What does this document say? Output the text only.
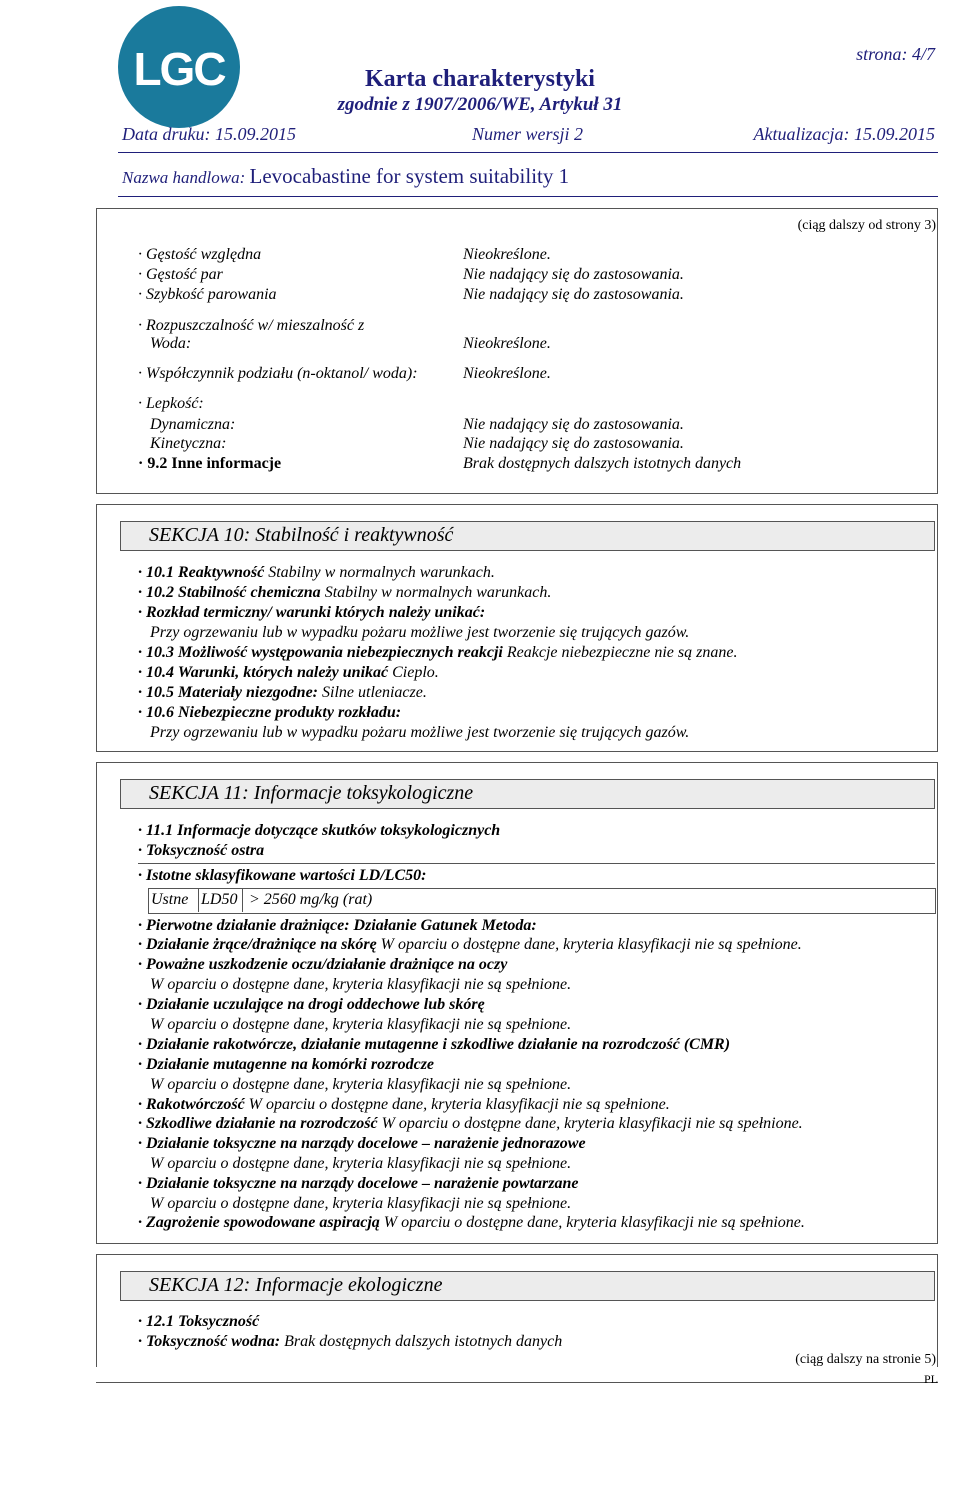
LGC	strona: 4/7
Karta charakterystyki
zgodnie z 1907/2006/WE, Artykuł 31
Data druku: 15.09.2015	Numer wersji 2	Aktualizacja: 15.09.2015
Nazwa handlowa: Levocabastine for system suitability 1
(ciąg dalszy od strony 3)
· Gęstość względna	Nieokreślone.
· Gęstość par	Nie nadający się do zastosowania.
· Szybkość parowania	Nie nadający się do zastosowania.
· Rozpuszczalność w/ mieszalność z
Woda:	Nieokreślone.
· Współczynnik podziału (n-oktanol/ woda):	Nieokreślone.
· Lepkość:
Dynamiczna:	Nie nadający się do zastosowania.
Kinetyczna:	Nie nadający się do zastosowania.
· 9.2 Inne informacje	Brak dostępnych dalszych istotnych danych
SEKCJA 10: Stabilność i reaktywność
· 10.1 Reaktywność Stabilny w normalnych warunkach.
· 10.2 Stabilność chemiczna Stabilny w normalnych warunkach.
· Rozkład termiczny/ warunki których należy unikać:
Przy ogrzewaniu lub w wypadku pożaru możliwe jest tworzenie się trujących gazów.
· 10.3 Możliwość występowania niebezpiecznych reakcji Reakcje niebezpieczne nie są znane.
· 10.4 Warunki, których należy unikać Cieplo.
· 10.5 Materiały niezgodne: Silne utleniacze.
· 10.6 Niebezpieczne produkty rozkładu:
Przy ogrzewaniu lub w wypadku pożaru możliwe jest tworzenie się trujących gazów.
SEKCJA 11: Informacje toksykologiczne
· 11.1 Informacje dotyczące skutków toksykologicznych
· Toksyczność ostra
· Istotne sklasyfikowane wartości LD/LC50:
Ustne LD50 > 2560 mg/kg (rat)
· Pierwotne działanie drażniące: Działanie Gatunek Metoda:
· Działanie żrące/drażniące na skórę W oparciu o dostępne dane, kryteria klasyfikacji nie są spełnione.
· Poważne uszkodzenie oczu/działanie drażniące na oczy
W oparciu o dostępne dane, kryteria klasyfikacji nie są spełnione.
· Działanie uczulające na drogi oddechowe lub skórę
W oparciu o dostępne dane, kryteria klasyfikacji nie są spełnione.
· Działanie rakotwórcze, działanie mutagenne i szkodliwe działanie na rozrodczość (CMR)
· Działanie mutagenne na komórki rozrodcze
W oparciu o dostępne dane, kryteria klasyfikacji nie są spełnione.
· Rakotwórczość W oparciu o dostępne dane, kryteria klasyfikacji nie są spełnione.
· Szkodliwe działanie na rozrodczość W oparciu o dostępne dane, kryteria klasyfikacji nie są spełnione.
· Działanie toksyczne na narządy docelowe – narażenie jednorazowe
W oparciu o dostępne dane, kryteria klasyfikacji nie są spełnione.
· Działanie toksyczne na narządy docelowe – narażenie powtarzane
W oparciu o dostępne dane, kryteria klasyfikacji nie są spełnione.
· Zagrożenie spowodowane aspiracją W oparciu o dostępne dane, kryteria klasyfikacji nie są spełnione.
SEKCJA 12: Informacje ekologiczne
· 12.1 Toksyczność
· Toksyczność wodna: Brak dostępnych dalszych istotnych danych
(ciąg dalszy na stronie 5)
PL
